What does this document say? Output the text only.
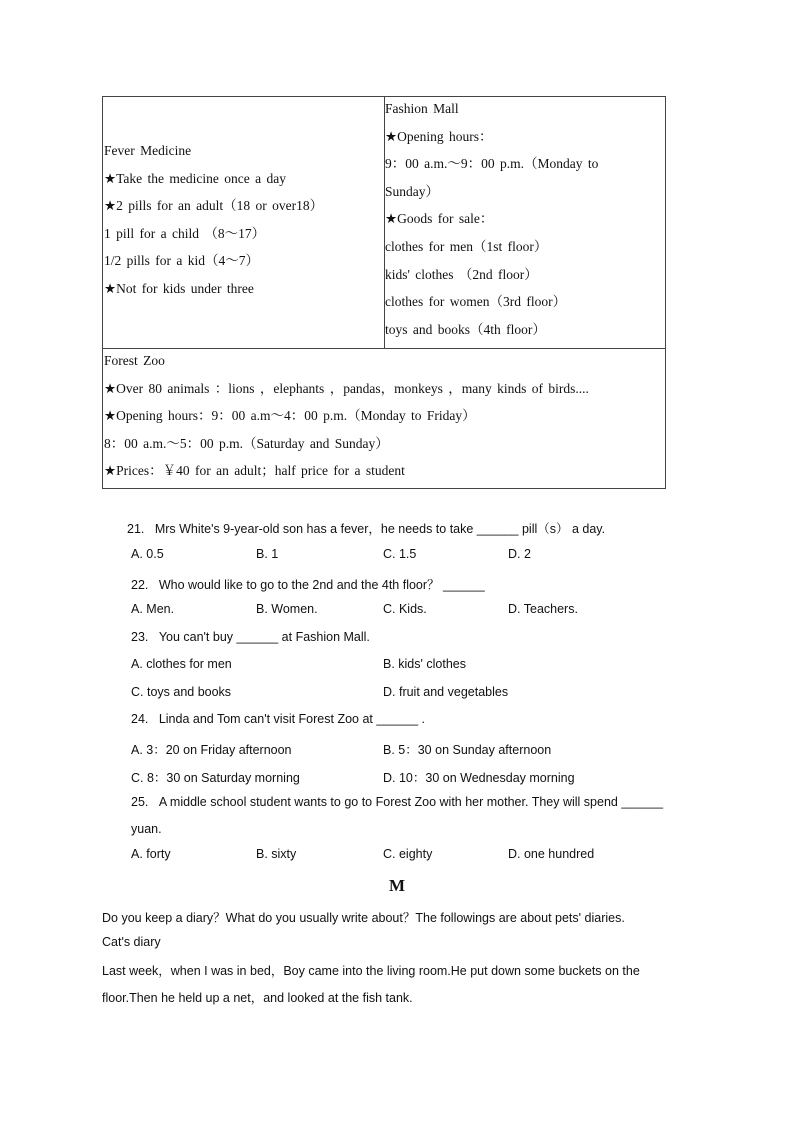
Fever Medicine
★Take the medicine once a day
★2 pills for an adult（18 or over18）
1 pill for a child （8～17）
1/2 pills for a kid（4～7）
★Not for kids under three
Fashion Mall
★Opening hours：
9：00 a.m.～9：00 p.m.（Monday to
Sunday）
★Goods for sale：
clothes for men（1st floor）
kids' clothes （2nd floor）
clothes for women（3rd floor）
toys and books（4th floor）
Forest Zoo
★Over 80 animals ：lions ，elephants ，pandas，monkeys ，many kinds of birds....
★Opening hours：9：00 a.m～4：00 p.m.（Monday to Friday）
8：00 a.m.～5：00 p.m.（Saturday and Sunday）
★Prices：￥40 for an adult；half price for a student
21. Mrs White's 9-year-old son has a fever，he needs to take ______ pill（s） a day.
A. 0.5	B. 1	C. 1.5	D. 2
22. Who would like to go to the 2nd and the 4th floor？ ______
A. Men.	B. Women.	C. Kids.	D. Teachers.
23. You can't buy ______ at Fashion Mall.
A. clothes for men	B. kids' clothes
C. toys and books	D. fruit and vegetables
24. Linda and Tom can't visit Forest Zoo at ______ .
A. 3：20 on Friday afternoon	B. 5：30 on Sunday afternoon
C. 8：30 on Saturday morning	D. 10：30 on Wednesday morning
25. A middle school student wants to go to Forest Zoo with her mother. They will spend ______
yuan.
A. forty	B. sixty	C. eighty	D. one hundred
M
Do you keep a diary？What do you usually write about？The followings are about pets' diaries.
Cat's diary
Last week，when I was in bed，Boy came into the living room.He put down some buckets on the
floor.Then he held up a net，and looked at the fish tank.
